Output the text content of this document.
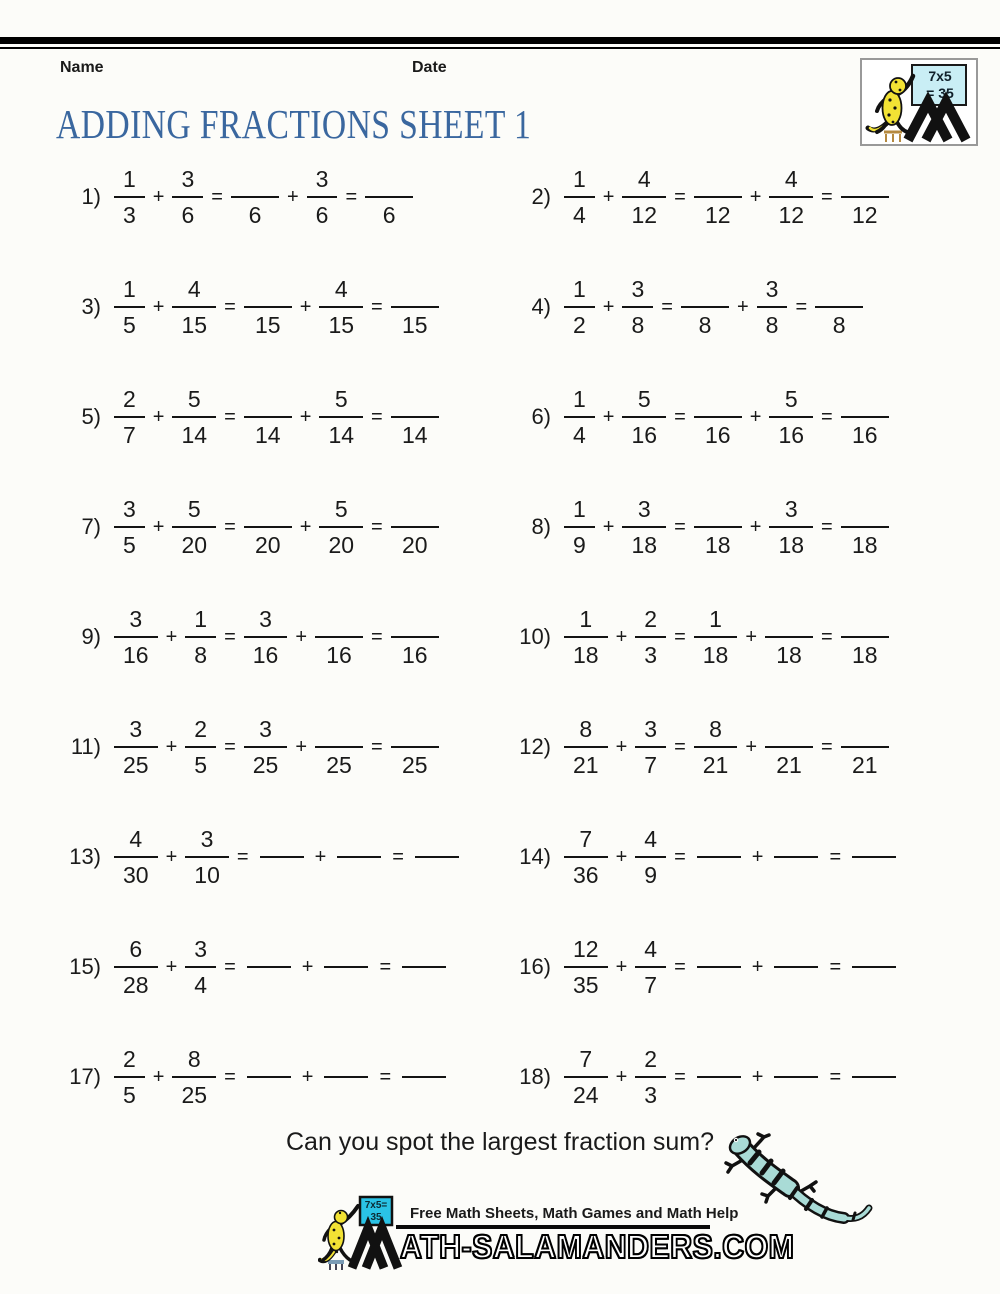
Name	Date	7x5
= 35
ADDING FRACTIONS SHEET 1
$1) \frac{1}{3} + \frac{3}{6}$ =

6
+ $\frac{3}{6}$ =

6
$2) \frac{1}{4} + \frac{4}{12}$ =

12
+ $\frac{4}{12}$ =

12
$3) \frac{1}{5} + \frac{4}{15}$ =

15
+ $\frac{4}{15}$ =

15
$4) \frac{1}{2} + \frac{3}{8}$ =

8
+ $\frac{3}{8}$ =

8
$5) \frac{2}{7} + \frac{5}{14}$ =

14
+ $\frac{5}{14}$ =

14
$6) \frac{1}{4} + \frac{5}{16}$ =

16
+ $\frac{5}{16}$ =

16
$7) \frac{3}{5} + \frac{5}{20}$ =

20
+ $\frac{5}{20}$ =

20
$8) \frac{1}{9} + \frac{3}{18}$ =

18
+ $\frac{3}{18}$ =

18
$9) \frac{3}{16} + \frac{1}{8} = \frac{3}{16}$ +

16
=

16
$10) \frac{1}{18} + \frac{2}{3} = \frac{1}{18}$ +

18
=

18
$11) \frac{3}{25} + \frac{2}{5} = \frac{3}{25}$ +

25
=

25
$12) \frac{8}{21} + \frac{3}{7} = \frac{8}{21}$ +

21
=

21
$13) \frac{4}{30} + \frac{3}{10}$ =	+	=	$14) \frac{7}{36} + \frac{4}{9}$ =	+	=
$15) \frac{6}{28} + \frac{3}{4}$ =	+	=	$16) \frac{12}{35} + \frac{4}{7}$ =	+	=
$17) \frac{2}{5} + \frac{8}{25}$ =	+	=	$18) \frac{7}{24} + \frac{2}{3}$ =	+	=
Can you spot the largest fraction sum?
7x5=
35 Free Math Sheets, Math Games and Math Help
ATH-SALAMANDERS.COM
